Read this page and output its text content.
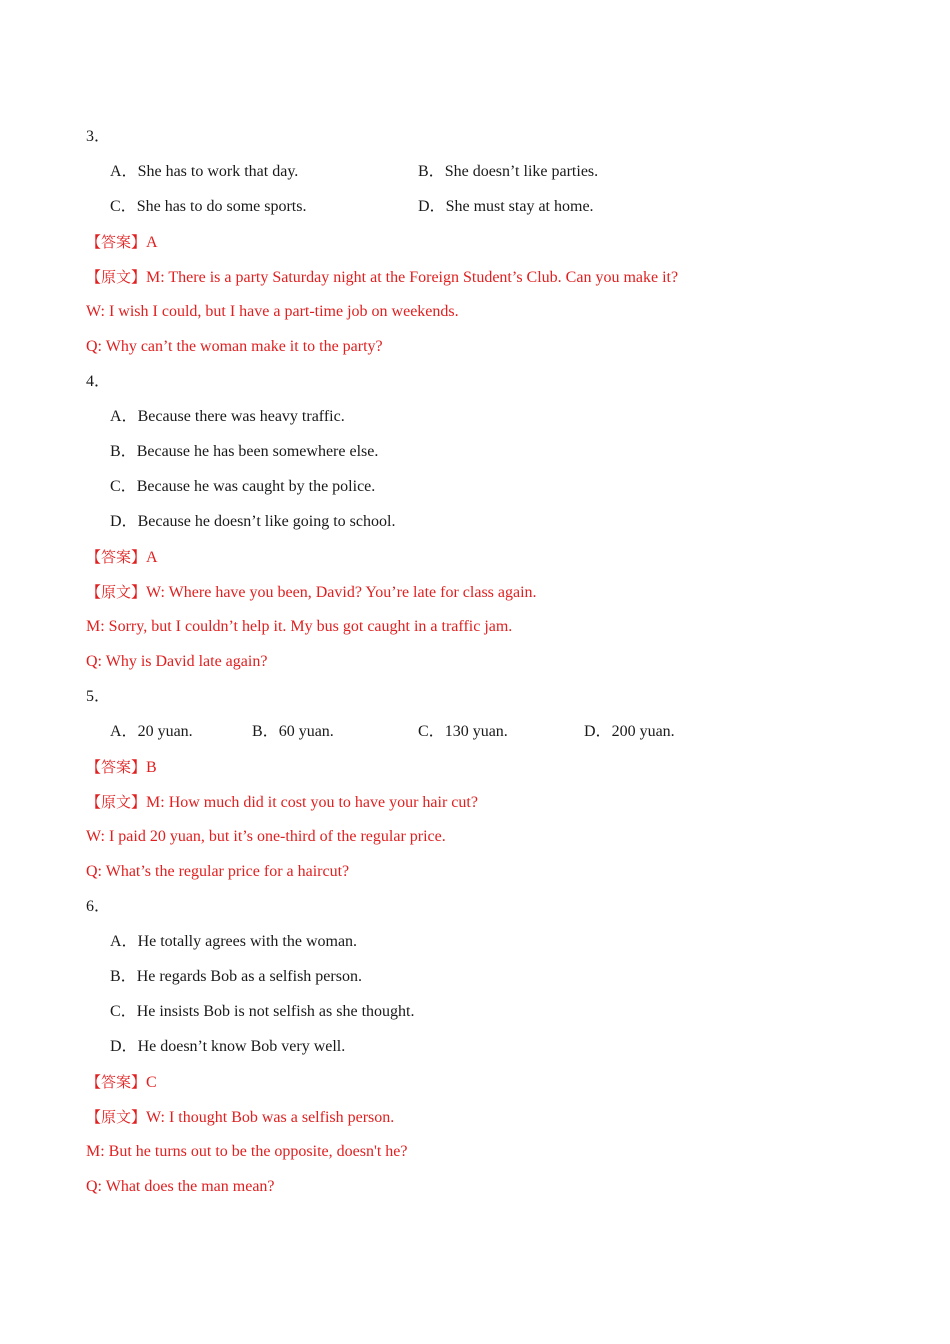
3．
A．She has to work that day.	B．She doesn’t like parties.
C．She has to do some sports.	D．She must stay at home.
【答案】A
【原文】M: There is a party Saturday night at the Foreign Student’s Club. Can you make it?
W: I wish I could, but I have a part-time job on weekends.
Q: Why can’t the woman make it to the party?
4．
A．Because there was heavy traffic.
B．Because he has been somewhere else.
C．Because he was caught by the police.
D．Because he doesn’t like going to school.
【答案】A
【原文】W: Where have you been, David? You’re late for class again.
M: Sorry, but I couldn’t help it. My bus got caught in a traffic jam.
Q: Why is David late again?
5．
A．20 yuan.	B．60 yuan.	C．130 yuan.	D．200 yuan.
【答案】B
【原文】M: How much did it cost you to have your hair cut?
W: I paid 20 yuan, but it’s one-third of the regular price.
Q: What’s the regular price for a haircut?
6．
A．He totally agrees with the woman.
B．He regards Bob as a selfish person.
C．He insists Bob is not selfish as she thought.
D．He doesn’t know Bob very well.
【答案】C
【原文】W: I thought Bob was a selfish person.
M: But he turns out to be the opposite, doesn't he?
Q: What does the man mean?
